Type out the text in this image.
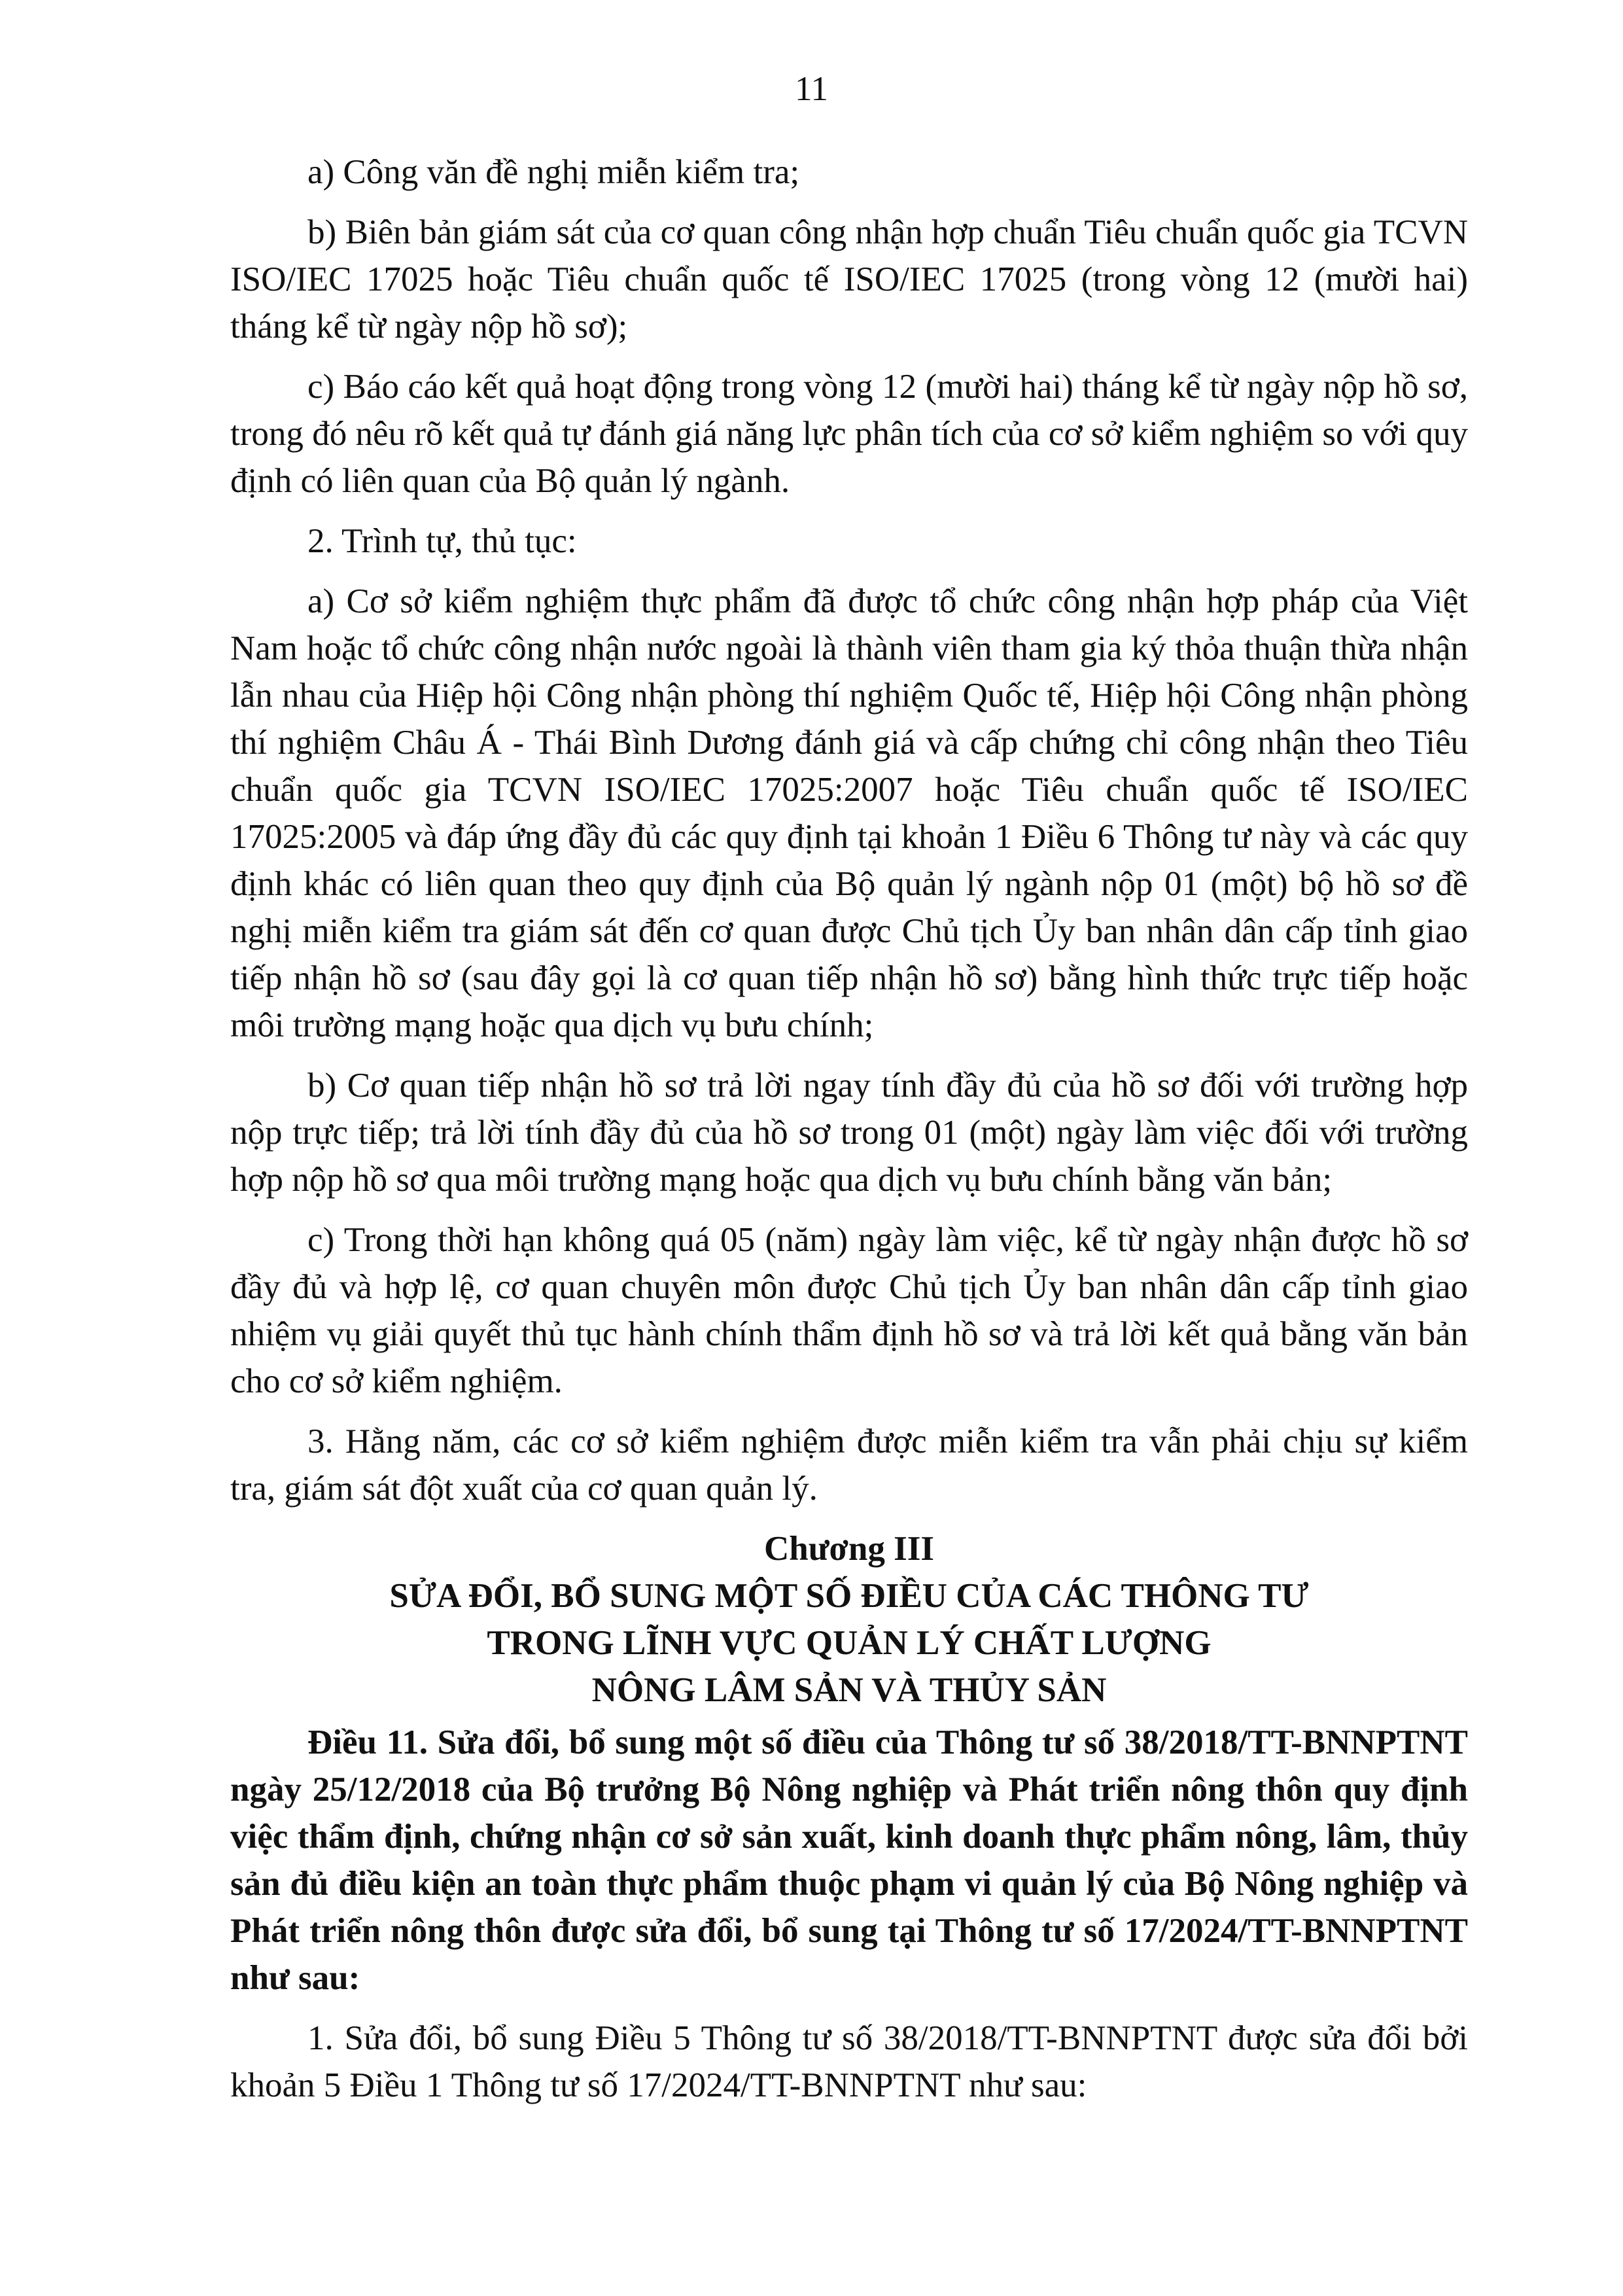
11

a) Công văn đề nghị miễn kiểm tra;

b) Biên bản giám sát của cơ quan công nhận hợp chuẩn Tiêu chuẩn quốc gia TCVN ISO/IEC 17025 hoặc Tiêu chuẩn quốc tế ISO/IEC 17025 (trong vòng 12 (mười hai) tháng kể từ ngày nộp hồ sơ);

c) Báo cáo kết quả hoạt động trong vòng 12 (mười hai) tháng kể từ ngày nộp hồ sơ, trong đó nêu rõ kết quả tự đánh giá năng lực phân tích của cơ sở kiểm nghiệm so với quy định có liên quan của Bộ quản lý ngành.

2. Trình tự, thủ tục:

a) Cơ sở kiểm nghiệm thực phẩm đã được tổ chức công nhận hợp pháp của Việt Nam hoặc tổ chức công nhận nước ngoài là thành viên tham gia ký thỏa thuận thừa nhận lẫn nhau của Hiệp hội Công nhận phòng thí nghiệm Quốc tế, Hiệp hội Công nhận phòng thí nghiệm Châu Á - Thái Bình Dương đánh giá và cấp chứng chỉ công nhận theo Tiêu chuẩn quốc gia TCVN ISO/IEC 17025:2007 hoặc Tiêu chuẩn quốc tế ISO/IEC 17025:2005 và đáp ứng đầy đủ các quy định tại khoản 1 Điều 6 Thông tư này và các quy định khác có liên quan theo quy định của Bộ quản lý ngành nộp 01 (một) bộ hồ sơ đề nghị miễn kiểm tra giám sát đến cơ quan được Chủ tịch Ủy ban nhân dân cấp tỉnh giao tiếp nhận hồ sơ (sau đây gọi là cơ quan tiếp nhận hồ sơ) bằng hình thức trực tiếp hoặc môi trường mạng hoặc qua dịch vụ bưu chính;

b) Cơ quan tiếp nhận hồ sơ trả lời ngay tính đầy đủ của hồ sơ đối với trường hợp nộp trực tiếp; trả lời tính đầy đủ của hồ sơ trong 01 (một) ngày làm việc đối với trường hợp nộp hồ sơ qua môi trường mạng hoặc qua dịch vụ bưu chính bằng văn bản;

c) Trong thời hạn không quá 05 (năm) ngày làm việc, kể từ ngày nhận được hồ sơ đầy đủ và hợp lệ, cơ quan chuyên môn được Chủ tịch Ủy ban nhân dân cấp tỉnh giao nhiệm vụ giải quyết thủ tục hành chính thẩm định hồ sơ và trả lời kết quả bằng văn bản cho cơ sở kiểm nghiệm.

3. Hằng năm, các cơ sở kiểm nghiệm được miễn kiểm tra vẫn phải chịu sự kiểm tra, giám sát đột xuất của cơ quan quản lý.

Chương III
SỬA ĐỔI, BỔ SUNG MỘT SỐ ĐIỀU CỦA CÁC THÔNG TƯ
TRONG LĨNH VỰC QUẢN LÝ CHẤT LƯỢNG
NÔNG LÂM SẢN VÀ THỦY SẢN

Điều 11. Sửa đổi, bổ sung một số điều của Thông tư số 38/2018/TT-BNNPTNT ngày 25/12/2018 của Bộ trưởng Bộ Nông nghiệp và Phát triển nông thôn quy định việc thẩm định, chứng nhận cơ sở sản xuất, kinh doanh thực phẩm nông, lâm, thủy sản đủ điều kiện an toàn thực phẩm thuộc phạm vi quản lý của Bộ Nông nghiệp và Phát triển nông thôn được sửa đổi, bổ sung tại Thông tư số 17/2024/TT-BNNPTNT như sau:

1. Sửa đổi, bổ sung Điều 5 Thông tư số 38/2018/TT-BNNPTNT được sửa đổi bởi khoản 5 Điều 1 Thông tư số 17/2024/TT-BNNPTNT như sau:
